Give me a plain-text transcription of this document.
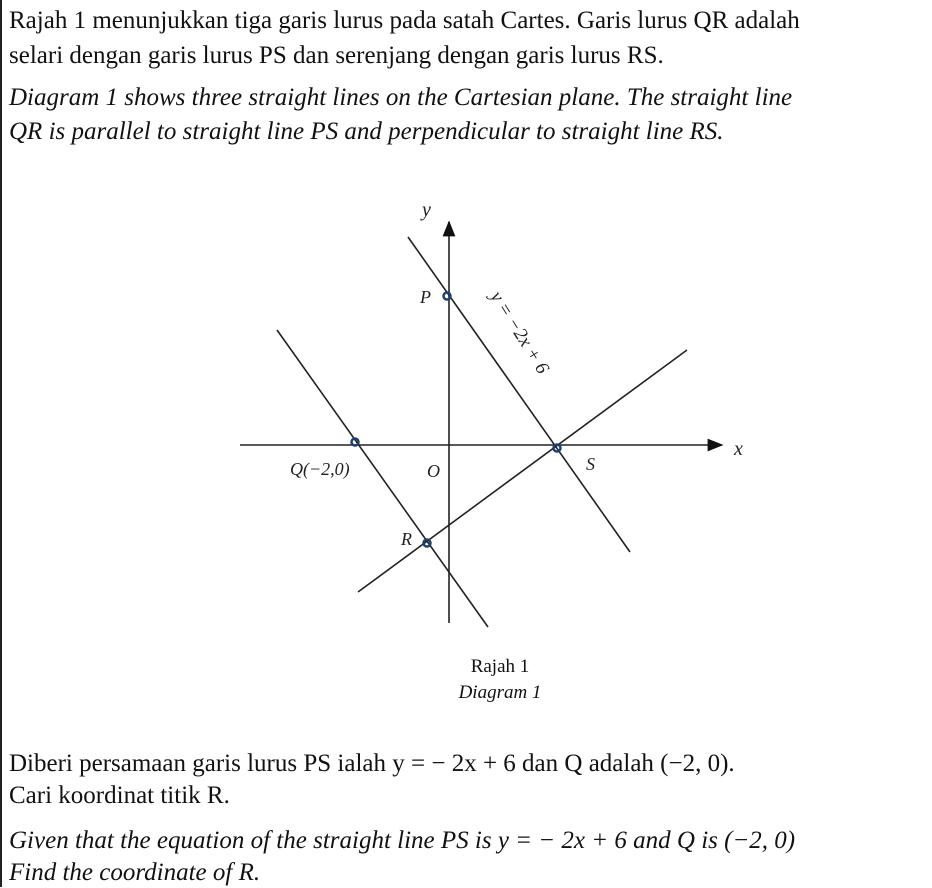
Rajah 1 menunjukkan tiga garis lurus pada satah Cartes. Garis lurus QR adalah
selari dengan garis lurus PS dan serenjang dengan garis lurus RS.
Diagram 1 shows three straight lines on the Cartesian plane. The straight line
QR is parallel to straight line PS and perpendicular to straight line RS.
y
x
O
P
Q(−2,0)
R
S
y = −2x + 6
Rajah 1
Diagram 1
Diberi persamaan garis lurus PS ialah y = − 2x + 6 dan Q adalah (−2, 0).
Cari koordinat titik R.
Given that the equation of the straight line PS is y = − 2x + 6 and Q is (−2, 0)
Find the coordinate of R.
